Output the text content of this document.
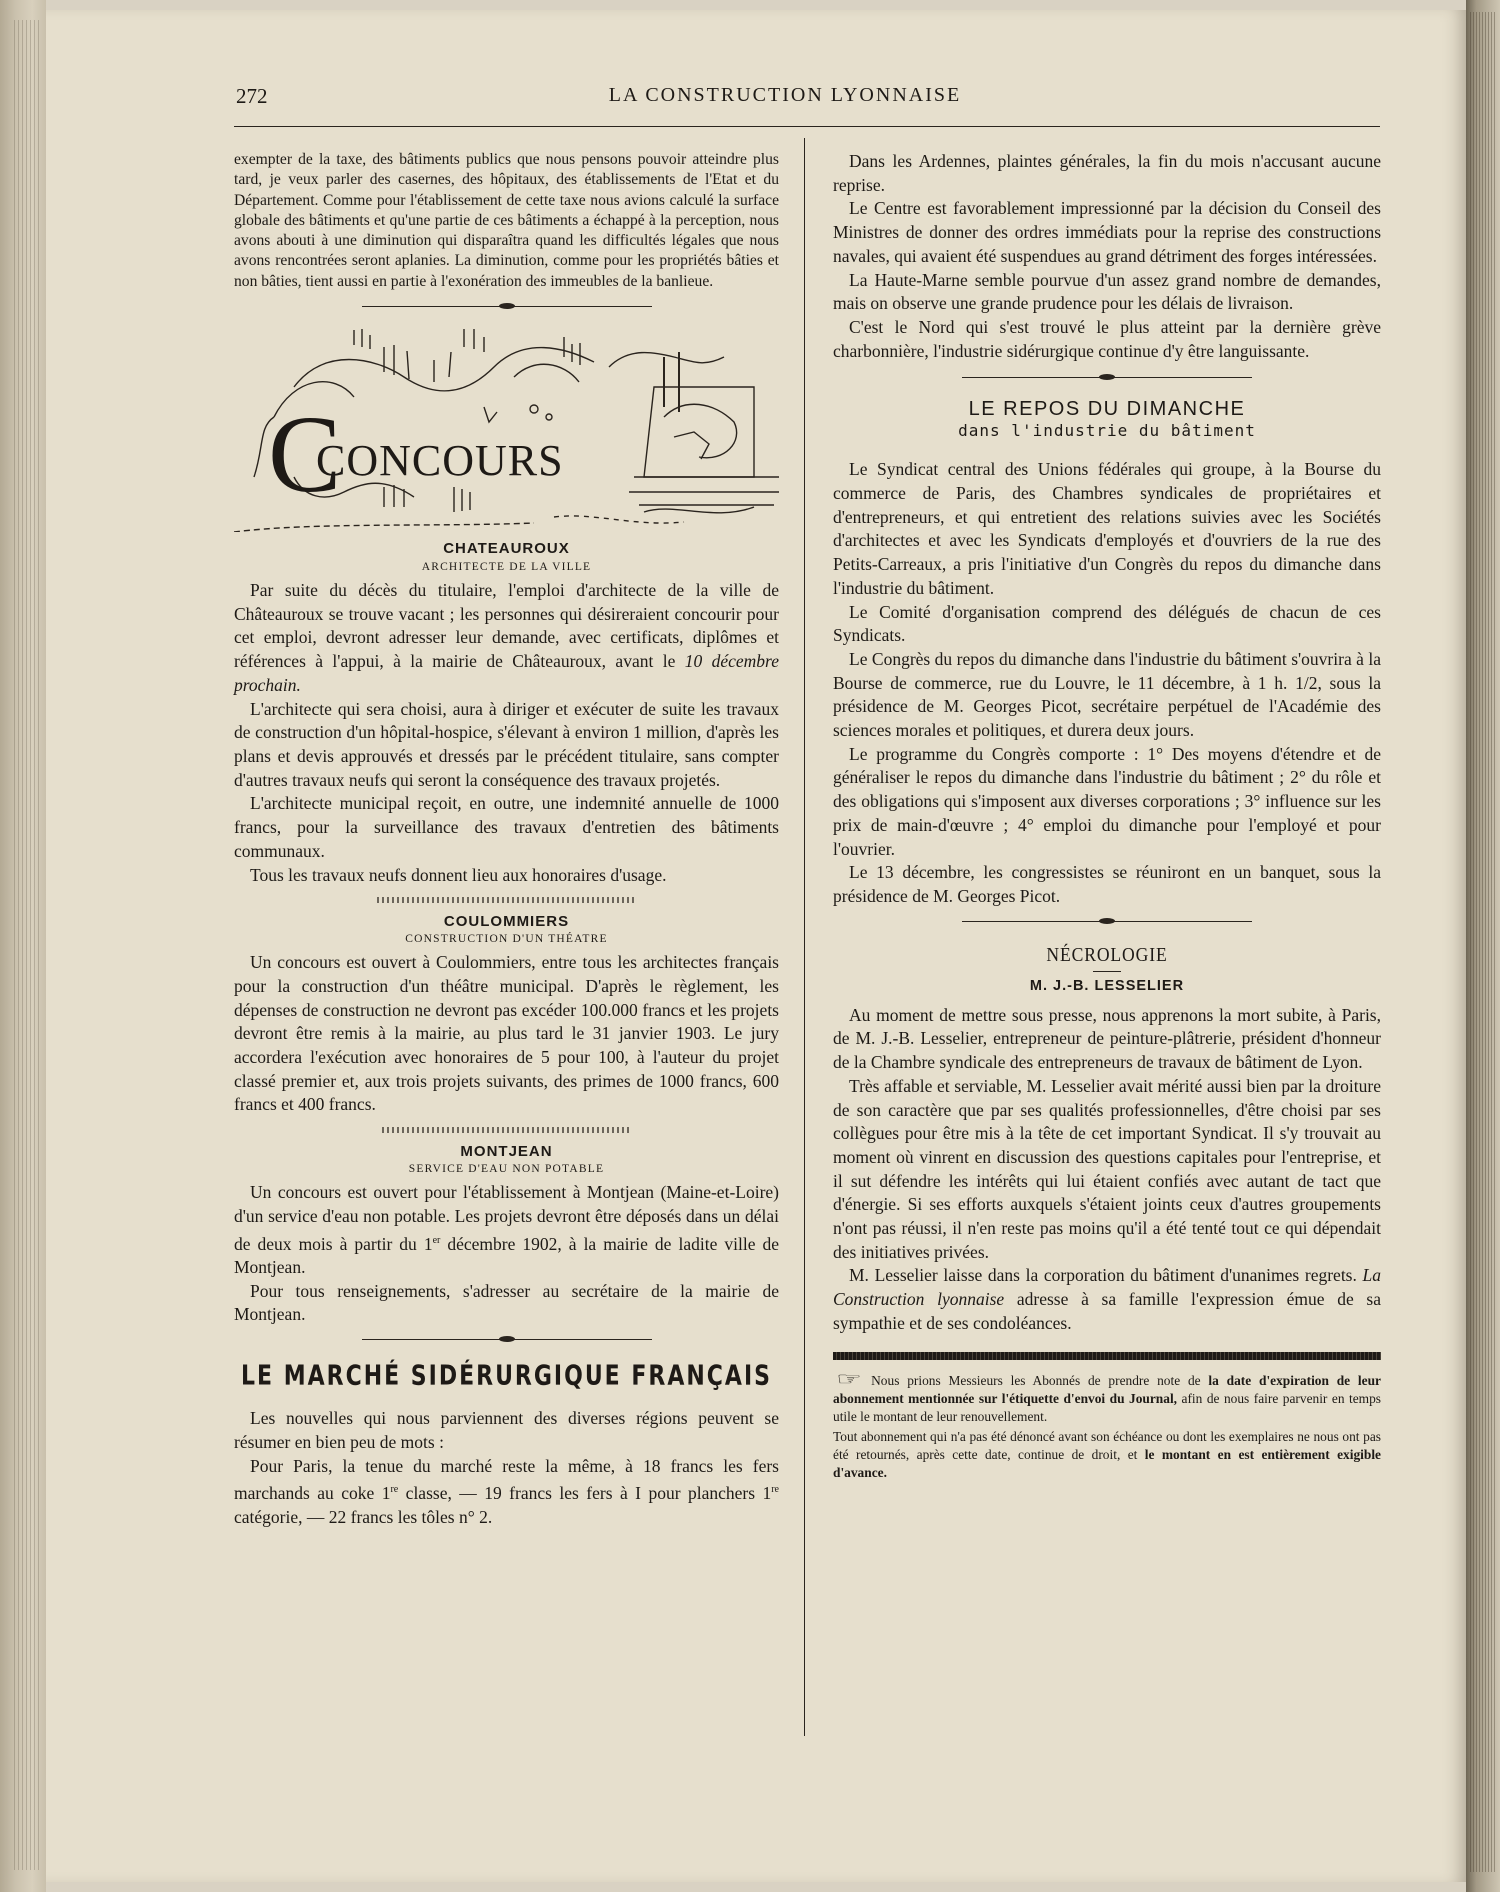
272	LA CONSTRUCTION LYONNAISE

exempter de la taxe, des bâtiments publics que nous pensons pouvoir atteindre plus tard, je veux parler des casernes, des hôpitaux, des établissements de l'Etat et du Département. Comme pour l'établissement de cette taxe nous avions calculé la surface globale des bâtiments et qu'une partie de ces bâtiments a échappé à la perception, nous avons abouti à une diminution qui disparaîtra quand les difficultés légales que nous avons rencontrées seront aplanies. La diminution, comme pour les propriétés bâties et non bâties, tient aussi en partie à l'exonération des immeubles de la banlieue.

C
CONCOURS
CHATEAUROUX
ARCHITECTE DE LA VILLE

Par suite du décès du titulaire, l'emploi d'architecte de la ville de Châteauroux se trouve vacant ; les personnes qui désireraient concourir pour cet emploi, devront adresser leur demande, avec certificats, diplômes et références à l'appui, à la mairie de Châteauroux, avant le 10 décembre prochain.

L'architecte qui sera choisi, aura à diriger et exécuter de suite les travaux de construction d'un hôpital-hospice, s'élevant à environ 1 million, d'après les plans et devis approuvés et dressés par le précédent titulaire, sans compter d'autres travaux neufs qui seront la conséquence des travaux projetés.

L'architecte municipal reçoit, en outre, une indemnité annuelle de 1000 francs, pour la surveillance des travaux d'entretien des bâtiments communaux.

Tous les travaux neufs donnent lieu aux honoraires d'usage.

COULOMMIERS
CONSTRUCTION D'UN THÉATRE

Un concours est ouvert à Coulommiers, entre tous les architectes français pour la construction d'un théâtre municipal. D'après le règlement, les dépenses de construction ne devront pas excéder 100.000 francs et les projets devront être remis à la mairie, au plus tard le 31 janvier 1903. Le jury accordera l'exécution avec honoraires de 5 pour 100, à l'auteur du projet classé premier et, aux trois projets suivants, des primes de 1000 francs, 600 francs et 400 francs.

MONTJEAN
SERVICE D'EAU NON POTABLE

Un concours est ouvert pour l'établissement à Montjean (Maine-et-Loire) d'un service d'eau non potable. Les projets devront être déposés dans un délai de deux mois à partir du 1er décembre 1902, à la mairie de ladite ville de Montjean.

Pour tous renseignements, s'adresser au secrétaire de la mairie de Montjean.

LE MARCHÉ SIDÉRURGIQUE FRANÇAIS

Les nouvelles qui nous parviennent des diverses régions peuvent se résumer en bien peu de mots :

Pour Paris, la tenue du marché reste la même, à 18 francs les fers marchands au coke 1re classe, — 19 francs les fers à I pour planchers 1re catégorie, — 22 francs les tôles n° 2.

Dans les Ardennes, plaintes générales, la fin du mois n'accusant aucune reprise.

Le Centre est favorablement impressionné par la décision du Conseil des Ministres de donner des ordres immédiats pour la reprise des constructions navales, qui avaient été suspendues au grand détriment des forges intéressées.

La Haute-Marne semble pourvue d'un assez grand nombre de demandes, mais on observe une grande prudence pour les délais de livraison.

C'est le Nord qui s'est trouvé le plus atteint par la dernière grève charbonnière, l'industrie sidérurgique continue d'y être languissante.

LE REPOS DU DIMANCHE
dans l'industrie du bâtiment

Le Syndicat central des Unions fédérales qui groupe, à la Bourse du commerce de Paris, des Chambres syndicales de propriétaires et d'entrepreneurs, et qui entretient des relations suivies avec les Sociétés d'architectes et avec les Syndicats d'employés et d'ouvriers de la rue des Petits-Carreaux, a pris l'initiative d'un Congrès du repos du dimanche dans l'industrie du bâtiment.

Le Comité d'organisation comprend des délégués de chacun de ces Syndicats.

Le Congrès du repos du dimanche dans l'industrie du bâtiment s'ouvrira à la Bourse de commerce, rue du Louvre, le 11 décembre, à 1 h. 1/2, sous la présidence de M. Georges Picot, secrétaire perpétuel de l'Académie des sciences morales et politiques, et durera deux jours.

Le programme du Congrès comporte : 1° Des moyens d'étendre et de généraliser le repos du dimanche dans l'industrie du bâtiment ; 2° du rôle et des obligations qui s'imposent aux diverses corporations ; 3° influence sur les prix de main-d'œuvre ; 4° emploi du dimanche pour l'employé et pour l'ouvrier.

Le 13 décembre, les congressistes se réuniront en un banquet, sous la présidence de M. Georges Picot.

NÉCROLOGIE
M. J.-B. LESSELIER

Au moment de mettre sous presse, nous apprenons la mort subite, à Paris, de M. J.-B. Lesselier, entrepreneur de peinture-plâtrerie, président d'honneur de la Chambre syndicale des entrepreneurs de travaux de bâtiment de Lyon.

Très affable et serviable, M. Lesselier avait mérité aussi bien par la droiture de son caractère que par ses qualités professionnelles, d'être choisi par ses collègues pour être mis à la tête de cet important Syndicat. Il s'y trouvait au moment où vinrent en discussion des questions capitales pour l'entreprise, et il sut défendre les intérêts qui lui étaient confiés avec autant de tact que d'énergie. Si ses efforts auxquels s'étaient joints ceux d'autres groupements n'ont pas réussi, il n'en reste pas moins qu'il a été tenté tout ce qui dépendait des initiatives privées.

M. Lesselier laisse dans la corporation du bâtiment d'unanimes regrets. La Construction lyonnaise adresse à sa famille l'expression émue de sa sympathie et de ses condoléances.

☞ Nous prions Messieurs les Abonnés de prendre note de la date d'expiration de leur abonnement mentionnée sur l'étiquette d'envoi du Journal, afin de nous faire parvenir en temps utile le montant de leur renouvellement.

Tout abonnement qui n'a pas été dénoncé avant son échéance ou dont les exemplaires ne nous ont pas été retournés, après cette date, continue de droit, et le montant en est entièrement exigible d'avance.
